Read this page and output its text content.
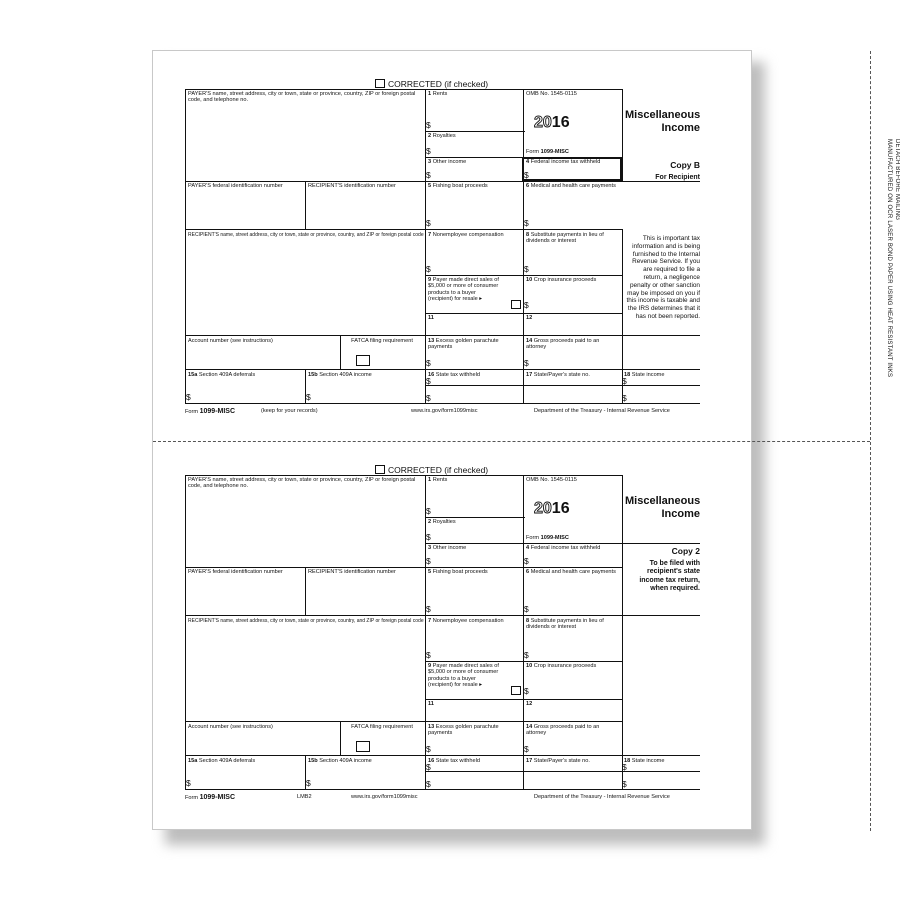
DETACH BEFORE MAILING
MANUFACTURED ON OCR LASER BOND PAPER USING HEAT RESISTANT INKS
CORRECTED (if checked)
PAYER'S name, street address, city or town, state or province, country, ZIP or foreign postal code, and telephone no.
1 Rents
$
2 Royalties
$
OMB No. 1545-0115
2016
Form 1099-MISC
Miscellaneous Income
3 Other income
$
4 Federal income tax withheld
$
Copy B
For Recipient
PAYER'S federal identification number	RECIPIENT'S identification number	5 Fishing boat proceeds
$
6 Medical and health care payments
$
RECIPIENT'S name, street address, city or town, state or province, country, and ZIP or foreign postal code 7 Nonemployee compensation
$
8 Substitute payments in lieu of dividends or interest
$
This is important tax information and is being furnished to the Internal Revenue Service. If you are required to file a return, a negligence penalty or other sanction may be imposed on you if this income is taxable and the IRS determines that it has not been reported.
9 Payer made direct sales of $5,000 or more of consumer products to a buyer (recipient) for resale ▸
10 Crop insurance proceeds
$
11	12
Account number (see instructions)	FATCA filing requirement	13 Excess golden parachute payments
$
14 Gross proceeds paid to an attorney
$
15a Section 409A deferrals
$
15b Section 409A income
$
16 State tax withheld
$
$
17 State/Payer's state no.	18 State income
$
$
Form 1099-MISC	(keep for your records)	www.irs.gov/form1099misc	Department of the Treasury - Internal Revenue Service
CORRECTED (if checked)
PAYER'S name, street address, city or town, state or province, country, ZIP or foreign postal code, and telephone no.
1 Rents
$
2 Royalties
$
OMB No. 1545-0115
2016
Form 1099-MISC
Miscellaneous Income
3 Other income
$
4 Federal income tax withheld
$
Copy 2
To be filed with recipient's state income tax return, when required.
PAYER'S federal identification number	RECIPIENT'S identification number	5 Fishing boat proceeds
$
6 Medical and health care payments
$
RECIPIENT'S name, street address, city or town, state or province, country, and ZIP or foreign postal code 7 Nonemployee compensation
$
8 Substitute payments in lieu of dividends or interest
$
9 Payer made direct sales of $5,000 or more of consumer products to a buyer (recipient) for resale ▸
10 Crop insurance proceeds
$
11	12
Account number (see instructions)	FATCA filing requirement	13 Excess golden parachute payments
$
14 Gross proceeds paid to an attorney
$
15a Section 409A deferrals
$
15b Section 409A income
$
16 State tax withheld
$
$
17 State/Payer's state no.	18 State income
$
$
Form 1099-MISC	LMB2	www.irs.gov/form1099misc	Department of the Treasury - Internal Revenue Service
